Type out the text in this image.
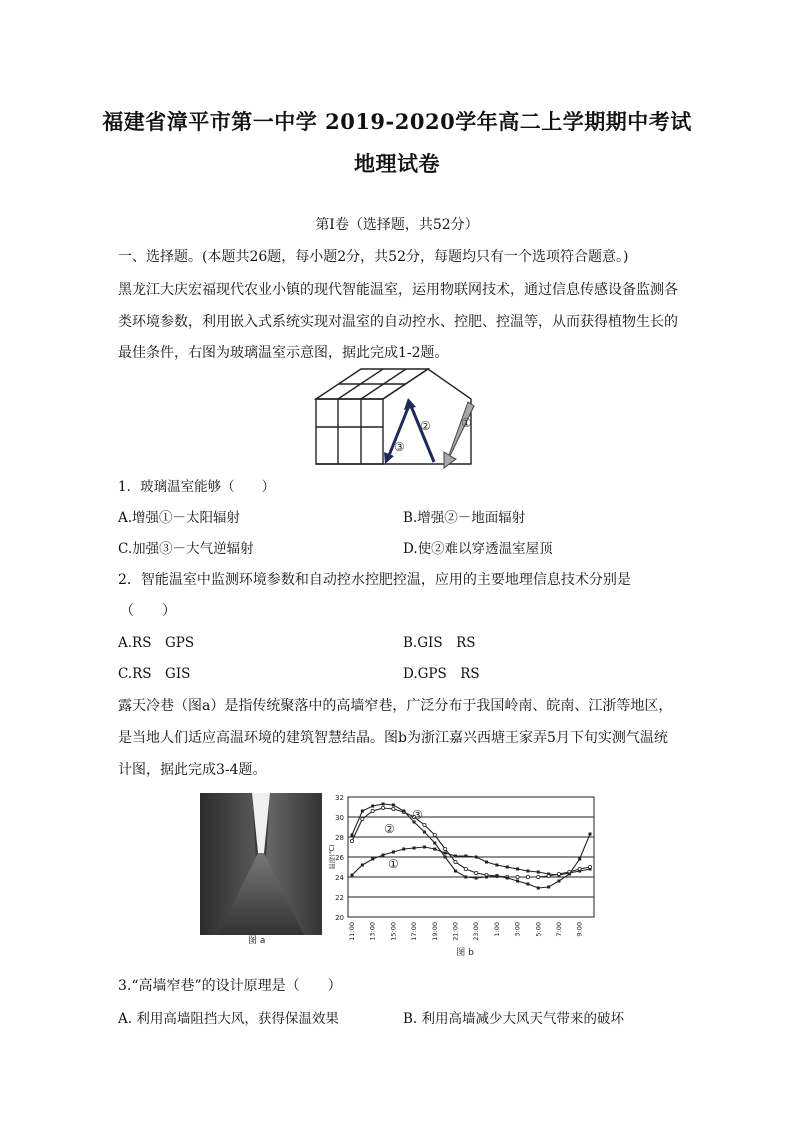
福建省漳平市第一中学 2019-2020学年高二上学期期中考试
地理试卷
第Ⅰ卷（选择题，共52分）
一、选择题。(本题共26题，每小题2分，共52分，每题均只有一个选项符合题意。)
黑龙江大庆宏福现代农业小镇的现代智能温室，运用物联网技术，通过信息传感设备监测各
类环境参数，利用嵌入式系统实现对温室的自动控水、控肥、控温等，从而获得植物生长的
最佳条件，右图为玻璃温室示意图，据此完成1-2题。
①
②
③
1．玻璃温室能够（　　）
A.增强①－太阳辐射	B.增强②－地面辐射
C.加强③－大气逆辐射	D.使②难以穿透温室屋顶
2．智能温室中监测环境参数和自动控水控肥控温，应用的主要地理信息技术分别是
（　　）
A.RS　GPS	B.GIS　RS
C.RS　GIS	D.GPS　RS
露天冷巷（图a）是指传统聚落中的高墙窄巷，广泛分布于我国岭南、皖南、江浙等地区，
是当地人们适应高温环境的建筑智慧结晶。图b为浙江嘉兴西塘王家弄5月下旬实测气温统
计图，据此完成3-4题。
图 a
20
22
24
26
28
30
32
温度(℃)
11:00 13:00 15:00 17:00 19:00 21:00 23:00 1:00 3:00 5:00 7:00 9:00
①
②
③
图 b
3.“高墙窄巷”的设计原理是（　　）
A. 利用高墙阻挡大风，获得保温效果	B. 利用高墙减少大风天气带来的破坏
